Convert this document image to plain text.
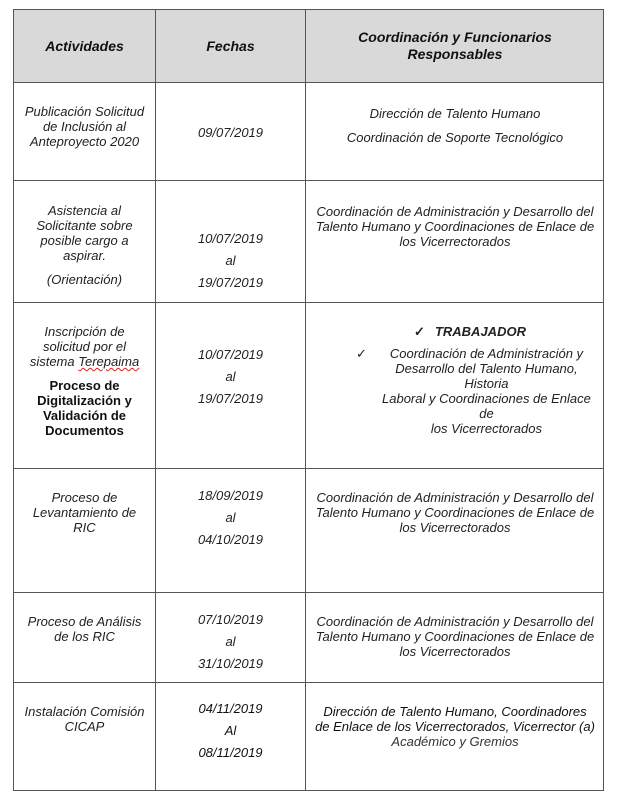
Actividades	Fechas
Coordinación y Funcionarios
Responsables
Publicación Solicitud
de Inclusión al
Anteproyecto 2020
09/07/2019
Dirección de Talento Humano
Coordinación de Soporte Tecnológico
Asistencia al
Solicitante sobre
posible cargo a
aspirar.
(Orientación)
10/07/2019
al
19/07/2019
Coordinación de Administración y Desarrollo del
Talento Humano y Coordinaciones de Enlace de
los Vicerrectorados
Inscripción de
solicitud por el
sistema Terepaima
Proceso de
Digitalización y
Validación de
Documentos
10/07/2019
al
19/07/2019
✓ TRABAJADOR
✓ Coordinación de Administración y
Desarrollo del Talento Humano, Historia
Laboral y Coordinaciones de Enlace de
los Vicerrectorados
Proceso de
Levantamiento de
RIC
18/09/2019
al
04/10/2019
Coordinación de Administración y Desarrollo del
Talento Humano y Coordinaciones de Enlace de
los Vicerrectorados
Proceso de Análisis
de los RIC
07/10/2019
al
31/10/2019
Coordinación de Administración y Desarrollo del
Talento Humano y Coordinaciones de Enlace de
los Vicerrectorados
Instalación Comisión
CICAP
04/11/2019
Al
08/11/2019
Dirección de Talento Humano, Coordinadores
de Enlace de los Vicerrectorados, Vicerrector (a)
Académico y Gremios
